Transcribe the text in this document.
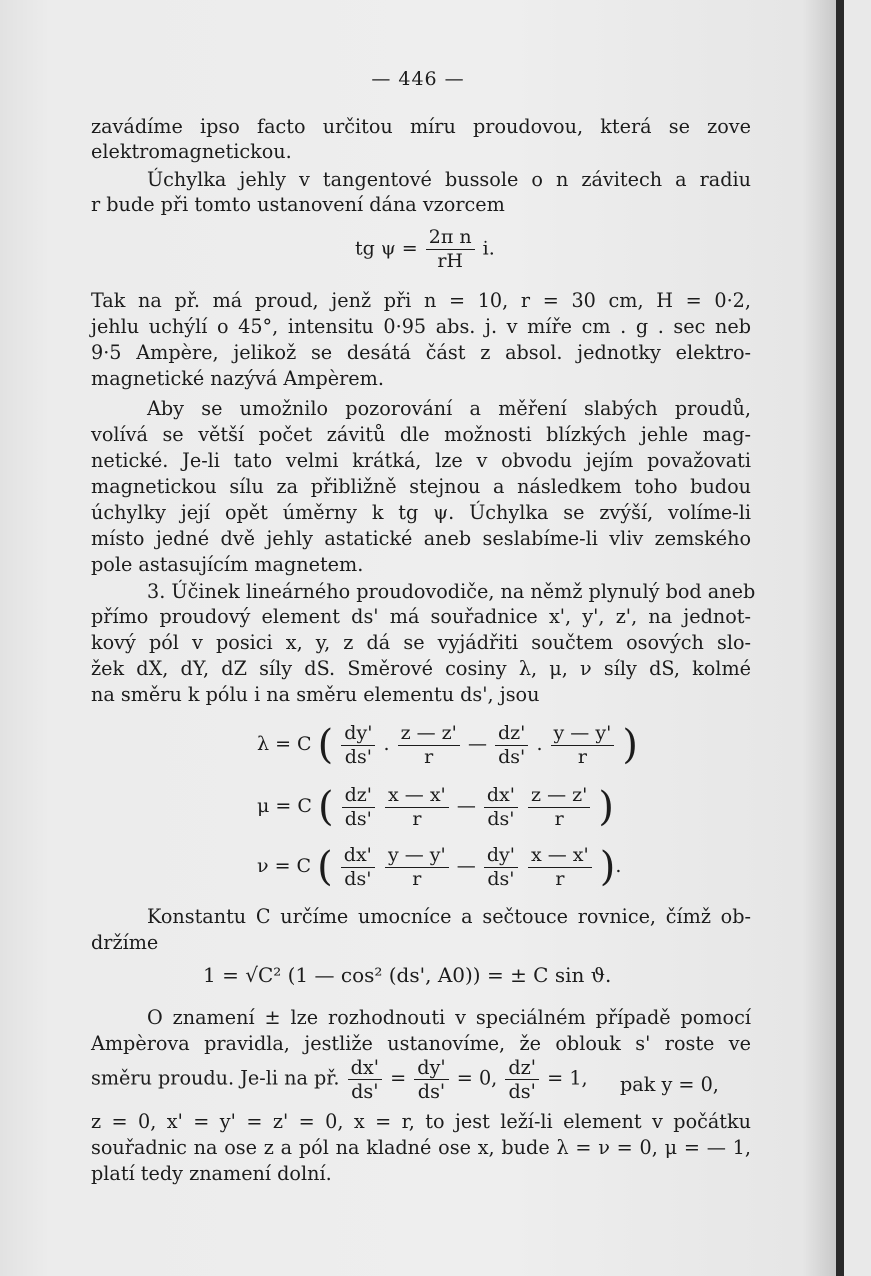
— 446 —
zavádíme ipso facto určitou míru proudovou, která se zove
elektromagnetickou.
Úchylka jehly v tangentové bussole o n závitech a radiu
r bude při tomto ustanovení dána vzorcem
tg $\psi = \frac{\text{2π n}}{rH} i$.
Tak na př. má proud, jenž při n = 10, r = 30 cm, H = 0·2,
jehlu uchýlí o 45°, intensitu 0·95 abs. j. v míře cm . g . sec neb
9·5 Ampère, jelikož se desátá část z absol. jednotky elektro-
magnetické nazývá Ampèrem.
Aby se umožnilo pozorování a měření slabých proudů,
volívá se větší počet závitů dle možnosti blízkých jehle mag-
netické. Je-li tato velmi krátká, lze v obvodu jejím považovati
magnetickou sílu za přibližně stejnou a následkem toho budou
úchylky její opět úměrny k tg ψ. Úchylka se zvýší, volíme-li
místo jedné dvě jehly astatické aneb seslabíme-li vliv zemského
pole astasujícím magnetem.
3. Účinek lineárného proudovodiče, na němž plynulý bod aneb
přímo proudový element ds' má souřadnice x', y', z', na jednot-
kový pól v posici x, y, z dá se vyjádřiti součtem osových slo-
žek dX, dY, dZ síly dS. Směrové cosiny λ, μ, ν síly dS, kolmé
na směru k pólu i na směru elementu ds', jsou
λ = C ( $\frac{dy'}{ds'}$ . $\frac{z — z'}{r}$ — $\frac{dz'}{ds'}$ . $\frac{y — y'}{r}$ )
μ = C ( $\frac{dz'}{ds'}$
$\frac{x — x'}{r}$ — $\frac{dx'}{ds'}$
$\frac{z — z'}{r}$ )
ν = C ( $\frac{dx'}{ds'}$
$\frac{y — y'}{r}$ — $\frac{dy'}{ds'}$
$\frac{x — x'}{r}$ ).
Konstantu C určíme umocníce a sečtouce rovnice, čímž ob-
držíme
1 = √C² (1 — cos² (ds', A0)) = ± C sin ϑ.
O znamení ± lze rozhodnouti v speciálném případě pomocí
Ampèrova pravidla, jestliže ustanovíme, že oblouk s' roste ve
směru proudu. Je-li na př. $\frac{dx'}{ds'} = \frac{dy'}{ds'} = 0$, $\frac{dz'}{ds'} = 1$, pak y = 0,
z = 0, x' = y' = z' = 0, x = r, to jest leží-li element v počátku
souřadnic na ose z a pól na kladné ose x, bude λ = ν = 0, μ = — 1,
platí tedy znamení dolní.
